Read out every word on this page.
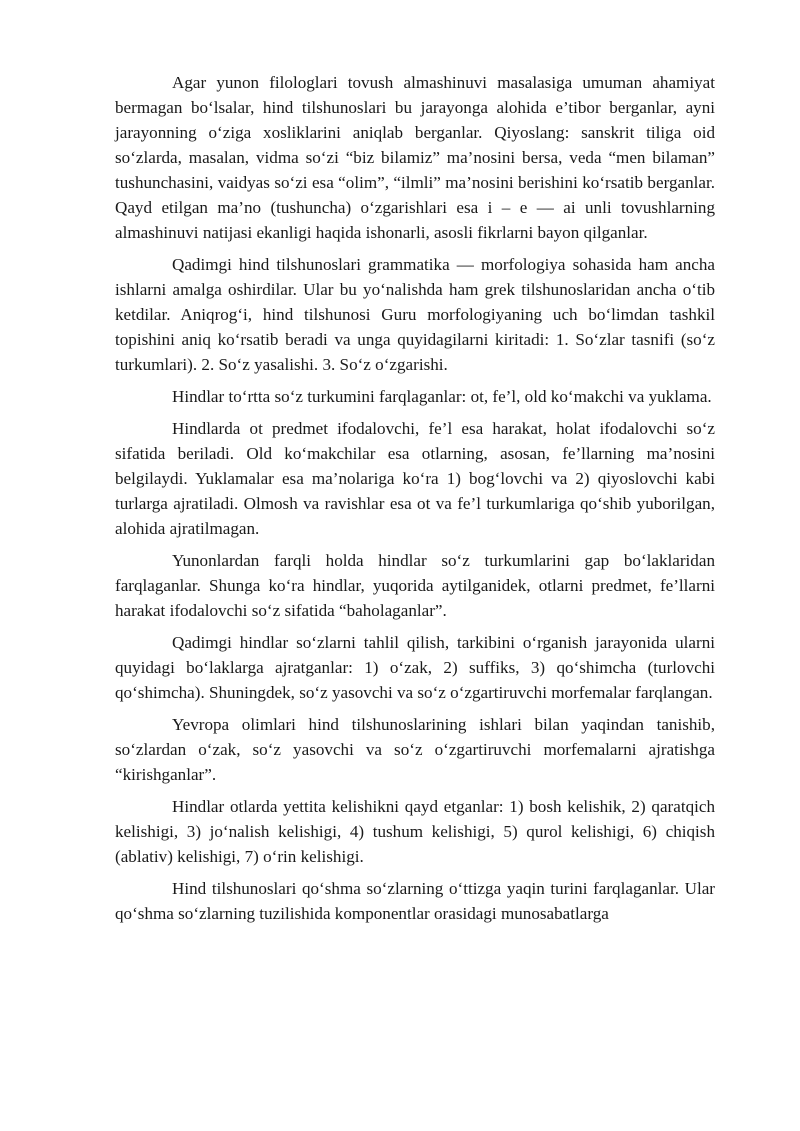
Agar yunon filologlari tovush almashinuvi masalasiga umuman ahamiyat bermagan bo‘lsalar, hind tilshunoslari bu jarayonga alohida e’tibor berganlar, ayni jarayonning o‘ziga xosliklarini aniqlab berganlar. Qiyoslang: sanskrit tiliga oid so‘zlarda, masalan, vidma so‘zi “biz bilamiz” ma’nosini bersa, veda “men bilaman” tushunchasini, vaidyas so‘zi esa “olim”, “ilmli” ma’nosini berishini ko‘rsatib berganlar. Qayd etilgan ma’no (tushuncha) o‘zgarishlari esa i – e — ai unli tovushlarning almashinuvi natijasi ekanligi haqida ishonarli, asosli fikrlarni bayon qilganlar.

Qadimgi hind tilshunoslari grammatika — morfologiya sohasida ham ancha ishlarni amalga oshirdilar. Ular bu yo‘nalishda ham grek tilshunoslaridan ancha o‘tib ketdilar. Aniqrog‘i, hind tilshunosi Guru morfologiyaning uch bo‘limdan tashkil topishini aniq ko‘rsatib beradi va unga quyidagilarni kiritadi: 1. So‘zlar tasnifi (so‘z turkumlari). 2. So‘z yasalishi. 3. So‘z o‘zgarishi.

Hindlar to‘rtta so‘z turkumini farqlaganlar: ot, fe’l, old ko‘makchi va yuklama.

Hindlarda ot predmet ifodalovchi, fe’l esa harakat, holat ifodalovchi so‘z sifatida beriladi. Old ko‘makchilar esa otlarning, asosan, fe’llarning ma’nosini belgilaydi. Yuklamalar esa ma’nolariga ko‘ra 1) bog‘lovchi va 2) qiyoslovchi kabi turlarga ajratiladi. Olmosh va ravishlar esa ot va fe’l turkumlariga qo‘shib yuborilgan, alohida ajratilmagan.

Yunonlardan farqli holda hindlar so‘z turkumlarini gap bo‘laklaridan farqlaganlar. Shunga ko‘ra hindlar, yuqorida aytilganidek, otlarni predmet, fe’llarni harakat ifodalovchi so‘z sifatida “baholaganlar”.

Qadimgi hindlar so‘zlarni tahlil qilish, tarkibini o‘rganish jarayonida ularni quyidagi bo‘laklarga ajratganlar: 1) o‘zak, 2) suffiks, 3) qo‘shimcha (turlovchi qo‘shimcha). Shuningdek, so‘z yasovchi va so‘z o‘zgartiruvchi morfemalar farqlangan.

Yevropa olimlari hind tilshunoslarining ishlari bilan yaqindan tanishib, so‘zlardan o‘zak, so‘z yasovchi va so‘z o‘zgartiruvchi morfemalarni ajratishga “kirishganlar”.

Hindlar otlarda yettita kelishikni qayd etganlar: 1) bosh kelishik, 2) qaratqich kelishigi, 3) jo‘nalish kelishigi, 4) tushum kelishigi, 5) qurol kelishigi, 6) chiqish (ablativ) kelishigi, 7) o‘rin kelishigi.

Hind tilshunoslari qo‘shma so‘zlarning o‘ttizga yaqin turini farqlaganlar. Ular qo‘shma so‘zlarning tuzilishida komponentlar orasidagi munosabatlarga
